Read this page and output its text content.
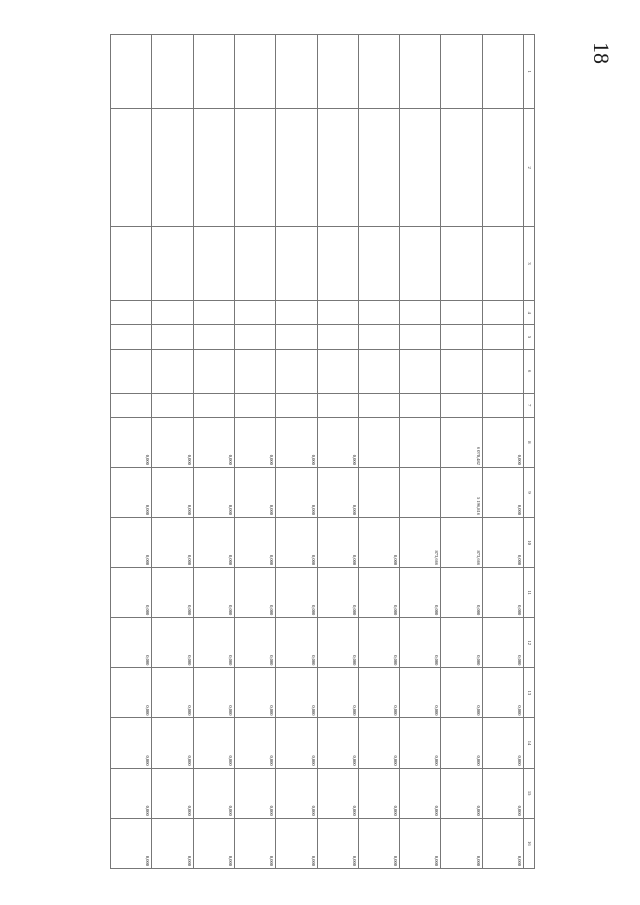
18
1	2	3	4	5	6	7	8	9	10	11	12	13	14	15	16
							0,000	0,000	0,000	0,000	0,000	0,000	0,000	0,000	0,000
							6 070,482	5 196,816	873,666	0,000	0,000	0,000	0,000	0,000	0,000
									873,666	0,000	0,000	0,000	0,000	0,000	0,000
									0,000	0,000	0,000	0,000	0,000	0,000	0,000
							0,000	0,000	0,000	0,000	0,000	0,000	0,000	0,000	0,000
							0,000	0,000	0,000	0,000	0,000	0,000	0,000	0,000	0,000
							0,000	0,000	0,000	0,000	0,000	0,000	0,000	0,000	0,000
							0,000	0,000	0,000	0,000	0,000	0,000	0,000	0,000	0,000
							0,000	0,000	0,000	0,000	0,000	0,000	0,000	0,000	0,000
							0,000	0,000	0,000	0,000	0,000	0,000	0,000	0,000	0,000
